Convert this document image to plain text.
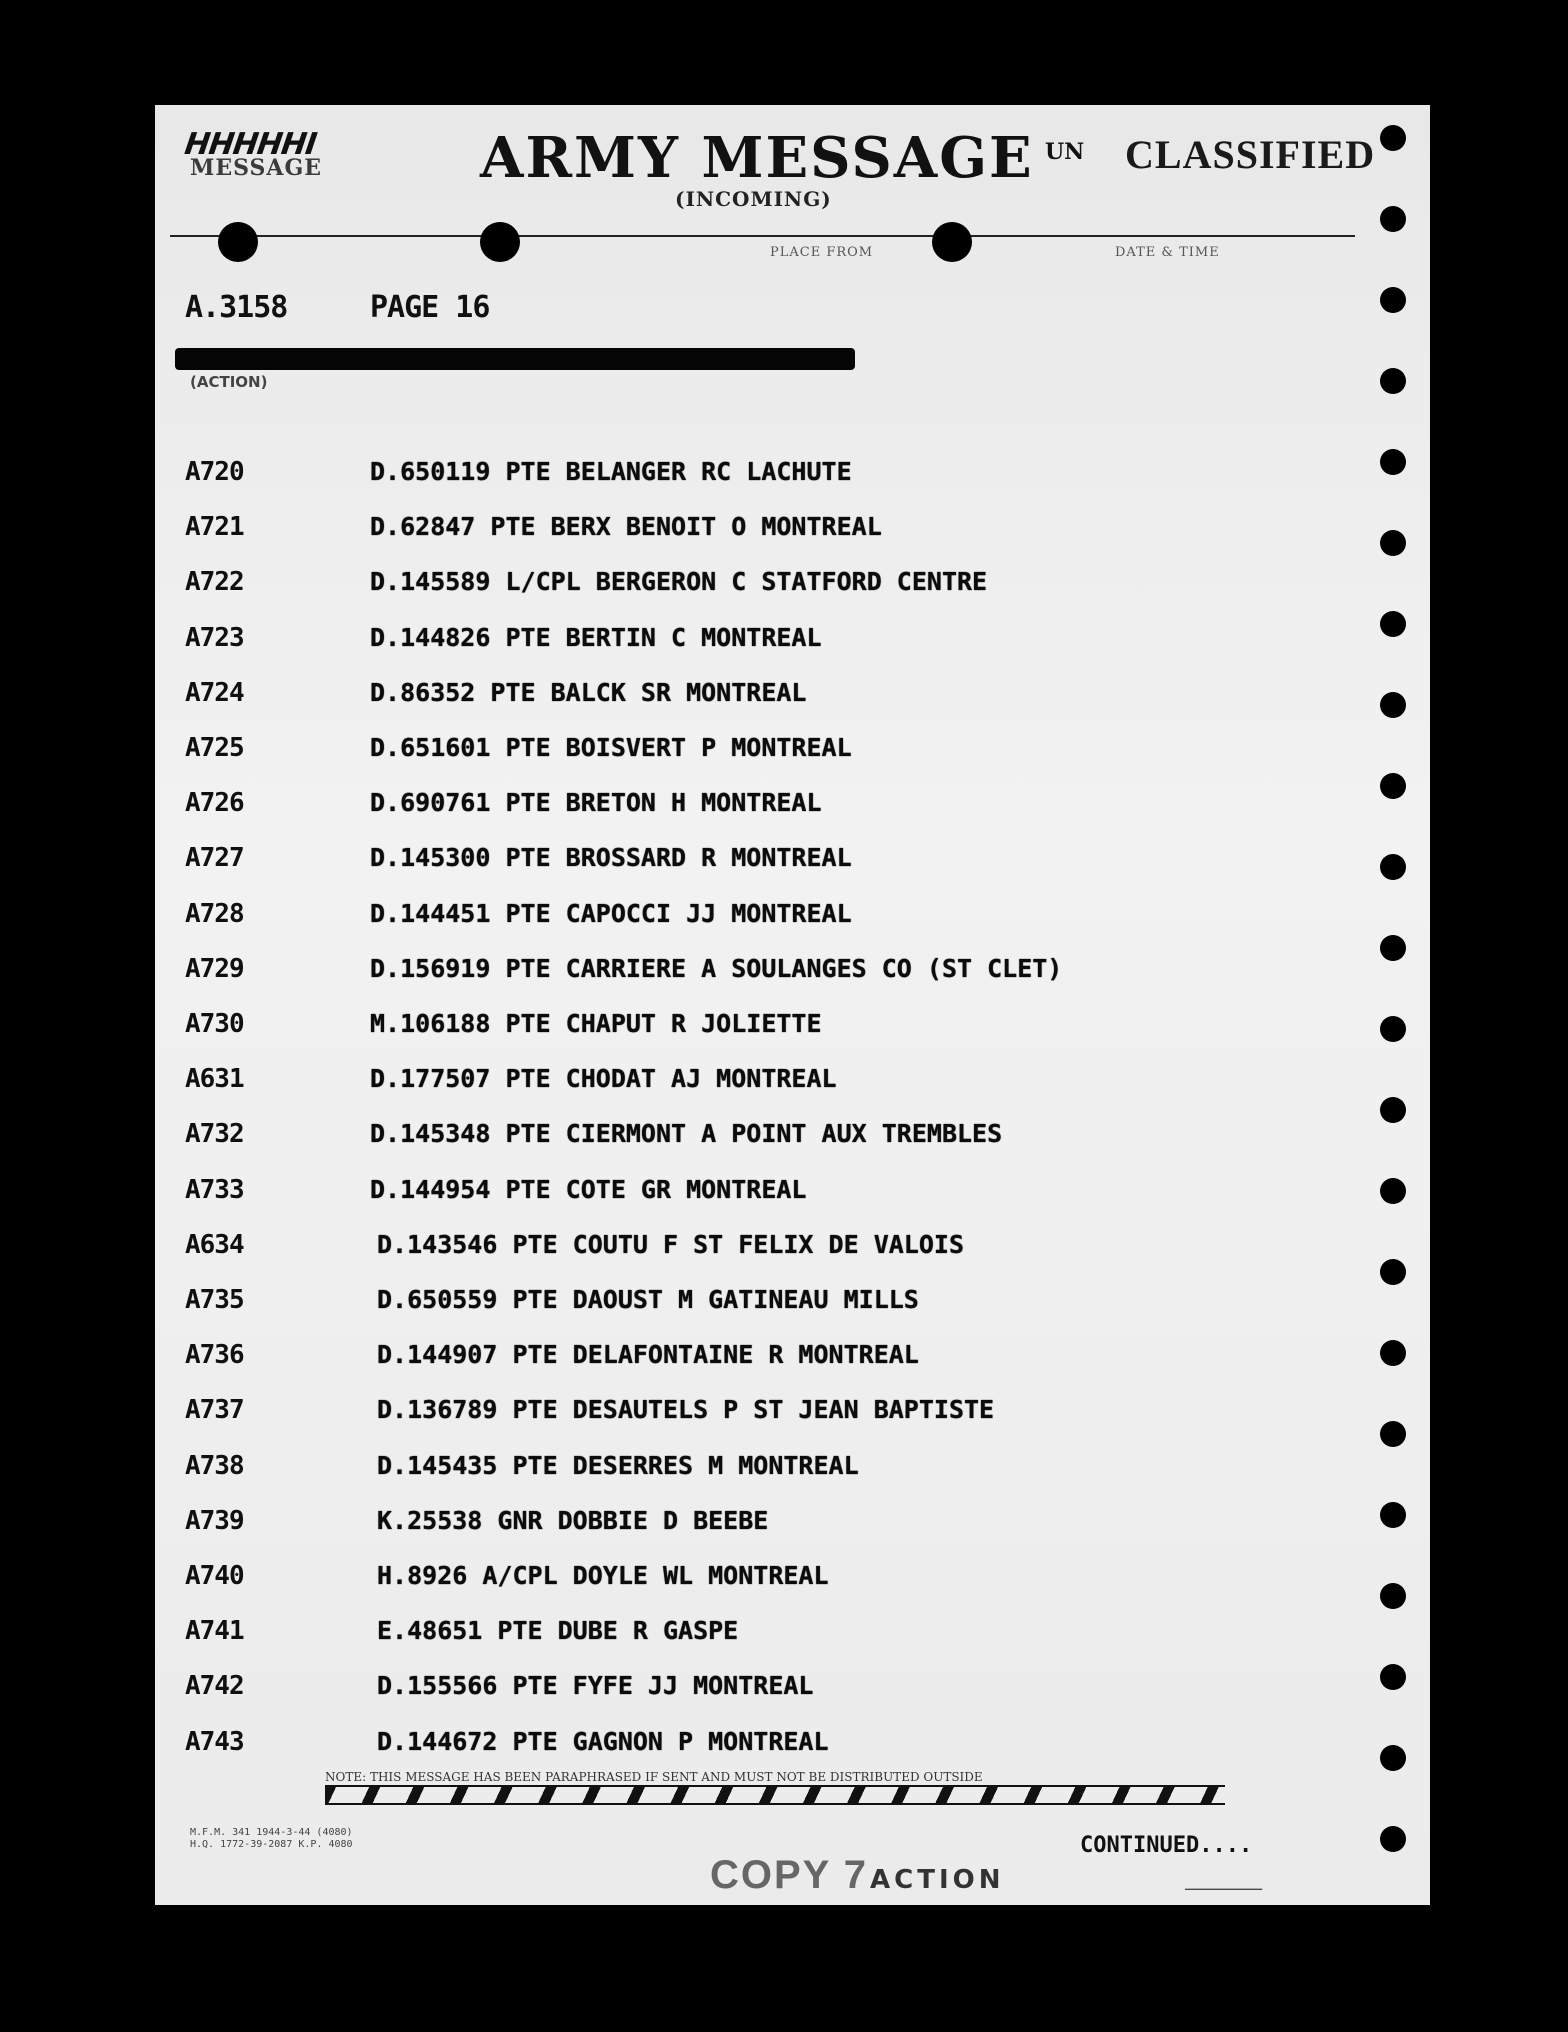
HHHHHI
MESSAGE	ARMY MESSAGE
(INCOMING)
UN CLASSIFIED
PLACE FROM	DATE & TIME
A.3158	PAGE 16
(ACTION)
A720	D.650119 PTE BELANGER RC LACHUTE
A721	D.62847 PTE BERX BENOIT O MONTREAL
A722	D.145589 L/CPL BERGERON C STATFORD CENTRE
A723	D.144826 PTE BERTIN C MONTREAL
A724	D.86352 PTE BALCK SR MONTREAL
A725	D.651601 PTE BOISVERT P MONTREAL
A726	D.690761 PTE BRETON H MONTREAL
A727	D.145300 PTE BROSSARD R MONTREAL
A728	D.144451 PTE CAPOCCI JJ MONTREAL
A729	D.156919 PTE CARRIERE A SOULANGES CO (ST CLET)
A730	M.106188 PTE CHAPUT R JOLIETTE
A631	D.177507 PTE CHODAT AJ MONTREAL
A732	D.145348 PTE CIERMONT A POINT AUX TREMBLES
A733	D.144954 PTE COTE GR MONTREAL
A634	D.143546 PTE COUTU F ST FELIX DE VALOIS
A735	D.650559 PTE DAOUST M GATINEAU MILLS
A736	D.144907 PTE DELAFONTAINE R MONTREAL
A737	D.136789 PTE DESAUTELS P ST JEAN BAPTISTE
A738	D.145435 PTE DESERRES M MONTREAL
A739	K.25538 GNR DOBBIE D BEEBE
A740	H.8926 A/CPL DOYLE WL MONTREAL
A741	E.48651 PTE DUBE R GASPE
A742	D.155566 PTE FYFE JJ MONTREAL
A743	D.144672 PTE GAGNON P MONTREAL
NOTE: THIS MESSAGE HAS BEEN PARAPHRASED IF SENT AND MUST NOT BE DISTRIBUTED OUTSIDE
M.F.M. 341 1944-3-44 (4080)
H.Q. 1772-39-2087 K.P. 4080	CONTINUED....
COPY 7 ACTION	━━━━━━━━━━━━━━━━
